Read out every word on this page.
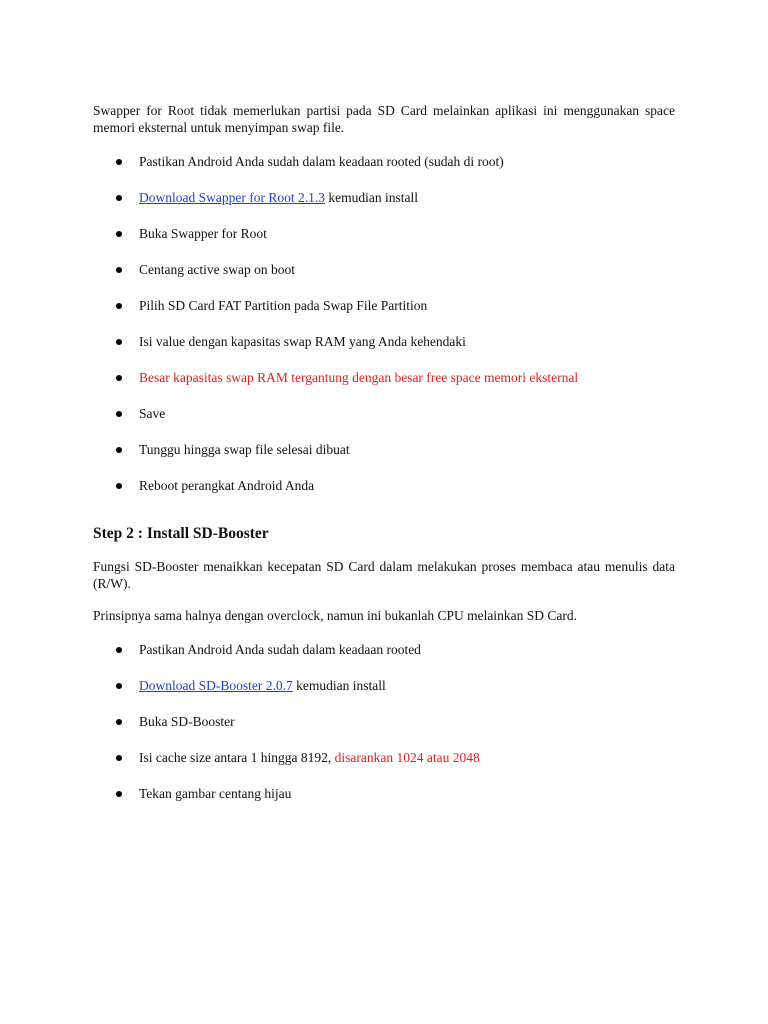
Swapper for Root tidak memerlukan partisi pada SD Card melainkan aplikasi ini menggunakan space memori eksternal untuk menyimpan swap file.

Pastikan Android Anda sudah dalam keadaan rooted (sudah di root)
Download Swapper for Root 2.1.3 kemudian install
Buka Swapper for Root
Centang active swap on boot
Pilih SD Card FAT Partition pada Swap File Partition
Isi value dengan kapasitas swap RAM yang Anda kehendaki
Besar kapasitas swap RAM tergantung dengan besar free space memori eksternal
Save
Tunggu hingga swap file selesai dibuat
Reboot perangkat Android Anda
Step 2 : Install SD-Booster

Fungsi SD-Booster menaikkan kecepatan SD Card dalam melakukan proses membaca atau menulis data (R/W).

Prinsipnya sama halnya dengan overclock, namun ini bukanlah CPU melainkan SD Card.

Pastikan Android Anda sudah dalam keadaan rooted
Download SD-Booster 2.0.7 kemudian install
Buka SD-Booster
Isi cache size antara 1 hingga 8192, disarankan 1024 atau 2048
Tekan gambar centang hijau
